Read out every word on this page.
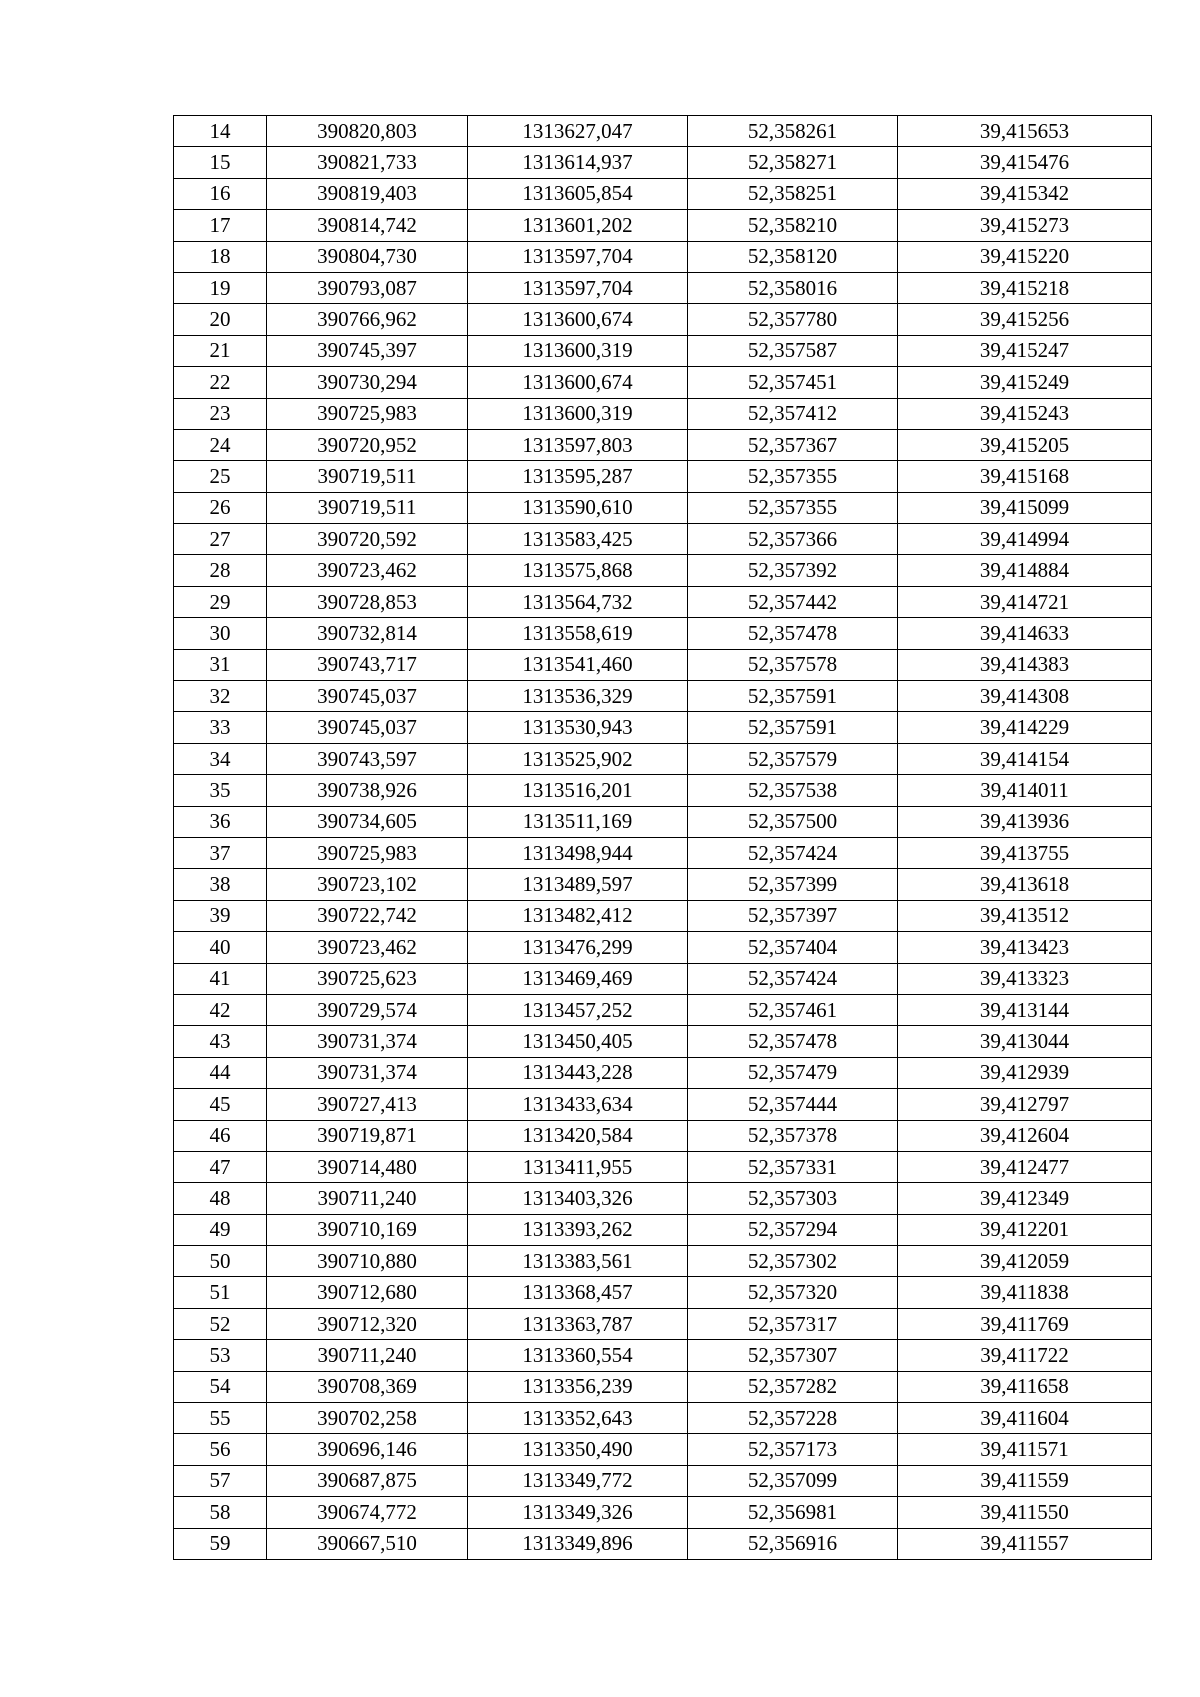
14	390820,803	1313627,047	52,358261	39,415653
15	390821,733	1313614,937	52,358271	39,415476
16	390819,403	1313605,854	52,358251	39,415342
17	390814,742	1313601,202	52,358210	39,415273
18	390804,730	1313597,704	52,358120	39,415220
19	390793,087	1313597,704	52,358016	39,415218
20	390766,962	1313600,674	52,357780	39,415256
21	390745,397	1313600,319	52,357587	39,415247
22	390730,294	1313600,674	52,357451	39,415249
23	390725,983	1313600,319	52,357412	39,415243
24	390720,952	1313597,803	52,357367	39,415205
25	390719,511	1313595,287	52,357355	39,415168
26	390719,511	1313590,610	52,357355	39,415099
27	390720,592	1313583,425	52,357366	39,414994
28	390723,462	1313575,868	52,357392	39,414884
29	390728,853	1313564,732	52,357442	39,414721
30	390732,814	1313558,619	52,357478	39,414633
31	390743,717	1313541,460	52,357578	39,414383
32	390745,037	1313536,329	52,357591	39,414308
33	390745,037	1313530,943	52,357591	39,414229
34	390743,597	1313525,902	52,357579	39,414154
35	390738,926	1313516,201	52,357538	39,414011
36	390734,605	1313511,169	52,357500	39,413936
37	390725,983	1313498,944	52,357424	39,413755
38	390723,102	1313489,597	52,357399	39,413618
39	390722,742	1313482,412	52,357397	39,413512
40	390723,462	1313476,299	52,357404	39,413423
41	390725,623	1313469,469	52,357424	39,413323
42	390729,574	1313457,252	52,357461	39,413144
43	390731,374	1313450,405	52,357478	39,413044
44	390731,374	1313443,228	52,357479	39,412939
45	390727,413	1313433,634	52,357444	39,412797
46	390719,871	1313420,584	52,357378	39,412604
47	390714,480	1313411,955	52,357331	39,412477
48	390711,240	1313403,326	52,357303	39,412349
49	390710,169	1313393,262	52,357294	39,412201
50	390710,880	1313383,561	52,357302	39,412059
51	390712,680	1313368,457	52,357320	39,411838
52	390712,320	1313363,787	52,357317	39,411769
53	390711,240	1313360,554	52,357307	39,411722
54	390708,369	1313356,239	52,357282	39,411658
55	390702,258	1313352,643	52,357228	39,411604
56	390696,146	1313350,490	52,357173	39,411571
57	390687,875	1313349,772	52,357099	39,411559
58	390674,772	1313349,326	52,356981	39,411550
59	390667,510	1313349,896	52,356916	39,411557
